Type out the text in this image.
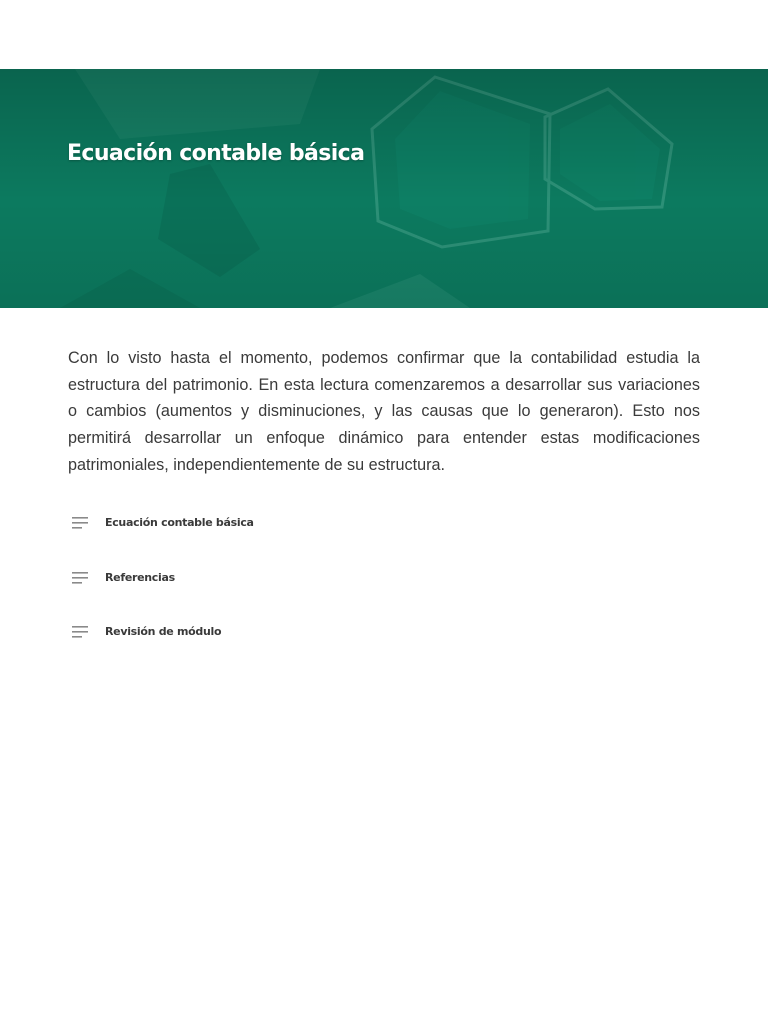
Ecuación contable básica

Con lo visto hasta el momento, podemos confirmar que la contabilidad estudia la estructura del patrimonio. En esta lectura comenzaremos a desarrollar sus variaciones o cambios (aumentos y disminuciones, y las causas que lo generaron). Esto nos permitirá desarrollar un enfoque dinámico para entender estas modificaciones patrimoniales, independientemente de su estructura.

Ecuación contable básica
Referencias
Revisión de módulo
